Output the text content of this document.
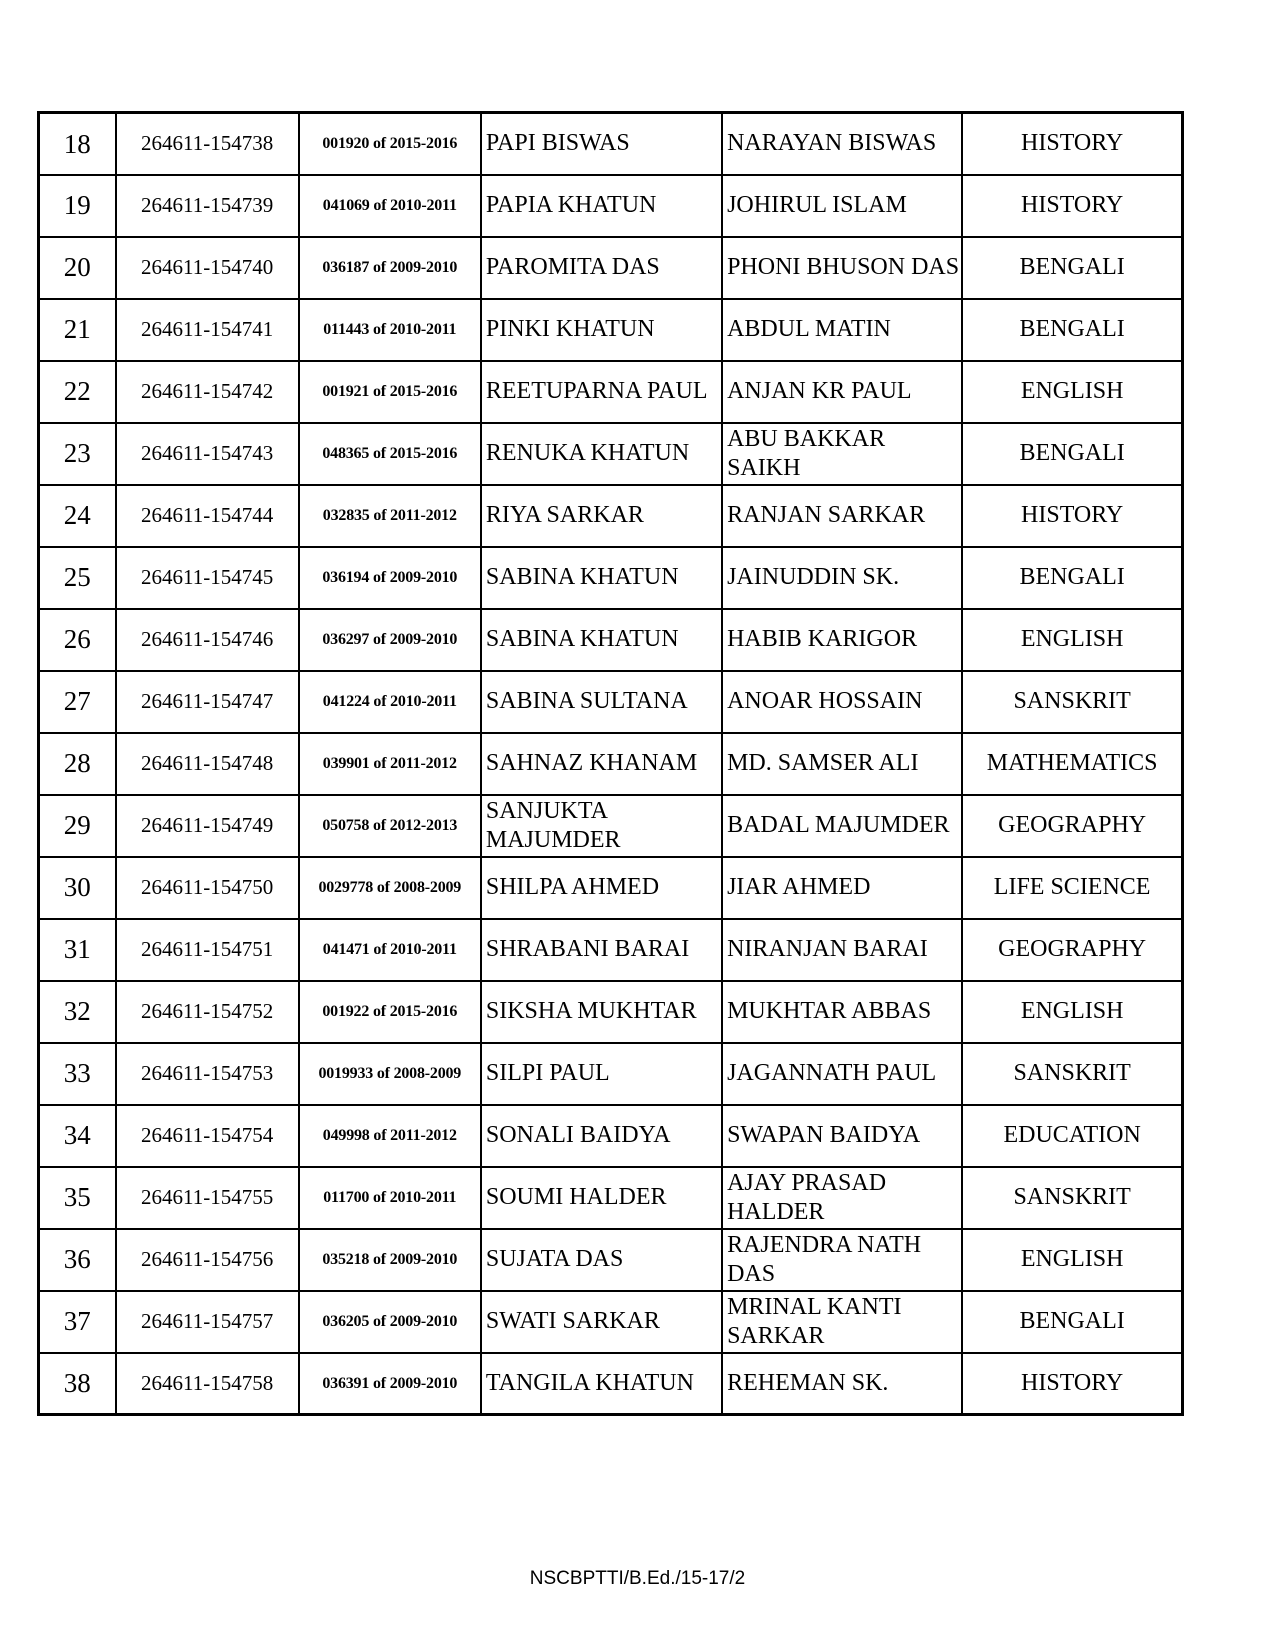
18	264611-154738	001920 of 2015-2016	PAPI BISWAS	NARAYAN BISWAS	HISTORY
19	264611-154739	041069 of 2010-2011	PAPIA KHATUN	JOHIRUL ISLAM	HISTORY
20	264611-154740	036187 of 2009-2010	PAROMITA DAS	PHONI BHUSON DAS	BENGALI
21	264611-154741	011443 of 2010-2011	PINKI KHATUN	ABDUL MATIN	BENGALI
22	264611-154742	001921 of 2015-2016	REETUPARNA PAUL	ANJAN KR PAUL	ENGLISH
23	264611-154743	048365 of 2015-2016	RENUKA KHATUN	ABU BAKKAR SAIKH	BENGALI
24	264611-154744	032835 of 2011-2012	RIYA SARKAR	RANJAN SARKAR	HISTORY
25	264611-154745	036194 of 2009-2010	SABINA KHATUN	JAINUDDIN SK.	BENGALI
26	264611-154746	036297 of 2009-2010	SABINA KHATUN	HABIB KARIGOR	ENGLISH
27	264611-154747	041224 of 2010-2011	SABINA SULTANA	ANOAR HOSSAIN	SANSKRIT
28	264611-154748	039901 of 2011-2012	SAHNAZ KHANAM	MD. SAMSER ALI	MATHEMATICS
29	264611-154749	050758 of 2012-2013	SANJUKTA MAJUMDER	BADAL MAJUMDER	GEOGRAPHY
30	264611-154750	0029778 of 2008-2009	SHILPA AHMED	JIAR AHMED	LIFE SCIENCE
31	264611-154751	041471 of 2010-2011	SHRABANI BARAI	NIRANJAN BARAI	GEOGRAPHY
32	264611-154752	001922 of 2015-2016	SIKSHA MUKHTAR	MUKHTAR ABBAS	ENGLISH
33	264611-154753	0019933 of 2008-2009	SILPI PAUL	JAGANNATH PAUL	SANSKRIT
34	264611-154754	049998 of 2011-2012	SONALI BAIDYA	SWAPAN BAIDYA	EDUCATION
35	264611-154755	011700 of 2010-2011	SOUMI HALDER	AJAY PRASAD HALDER	SANSKRIT
36	264611-154756	035218 of 2009-2010	SUJATA DAS	RAJENDRA NATH DAS	ENGLISH
37	264611-154757	036205 of 2009-2010	SWATI SARKAR	MRINAL KANTI SARKAR	BENGALI
38	264611-154758	036391 of 2009-2010	TANGILA KHATUN	REHEMAN SK.	HISTORY
NSCBPTTI/B.Ed./15-17/2
